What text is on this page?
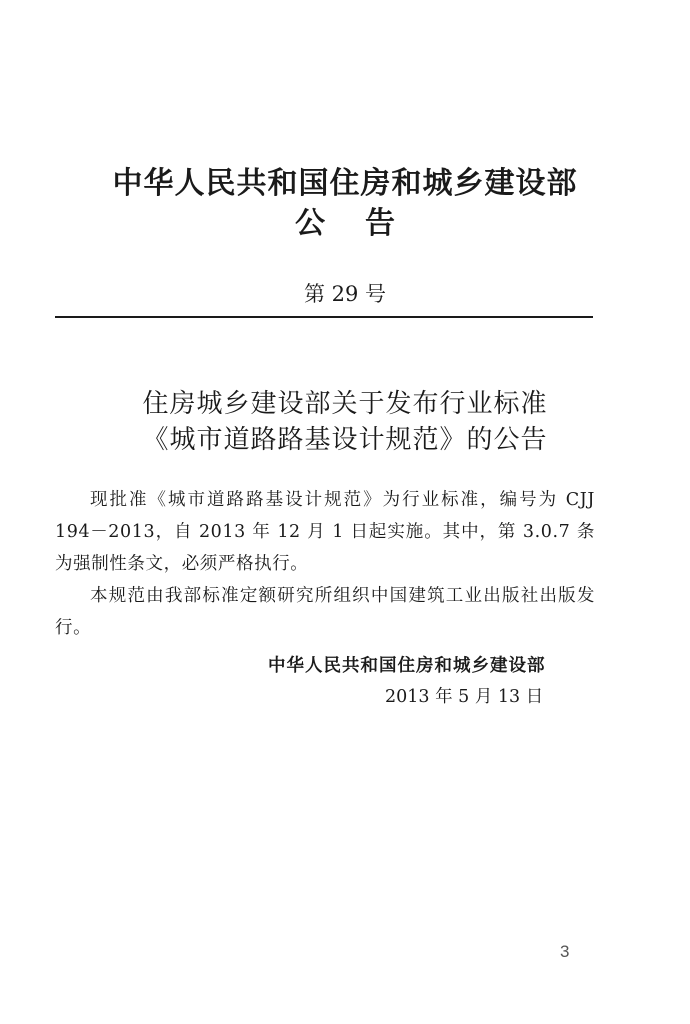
中华人民共和国住房和城乡建设部
公告
第 29 号
住房城乡建设部关于发布行业标准
《城市道路路基设计规范》的公告

现批准《城市道路路基设计规范》为行业标准，编号为 CJJ 194－2013，自 2013 年 12 月 1 日起实施。其中，第 3.0.7 条为强制性条文，必须严格执行。

本规范由我部标准定额研究所组织中国建筑工业出版社出版发行。

中华人民共和国住房和城乡建设部
2013 年 5 月 13 日
3
